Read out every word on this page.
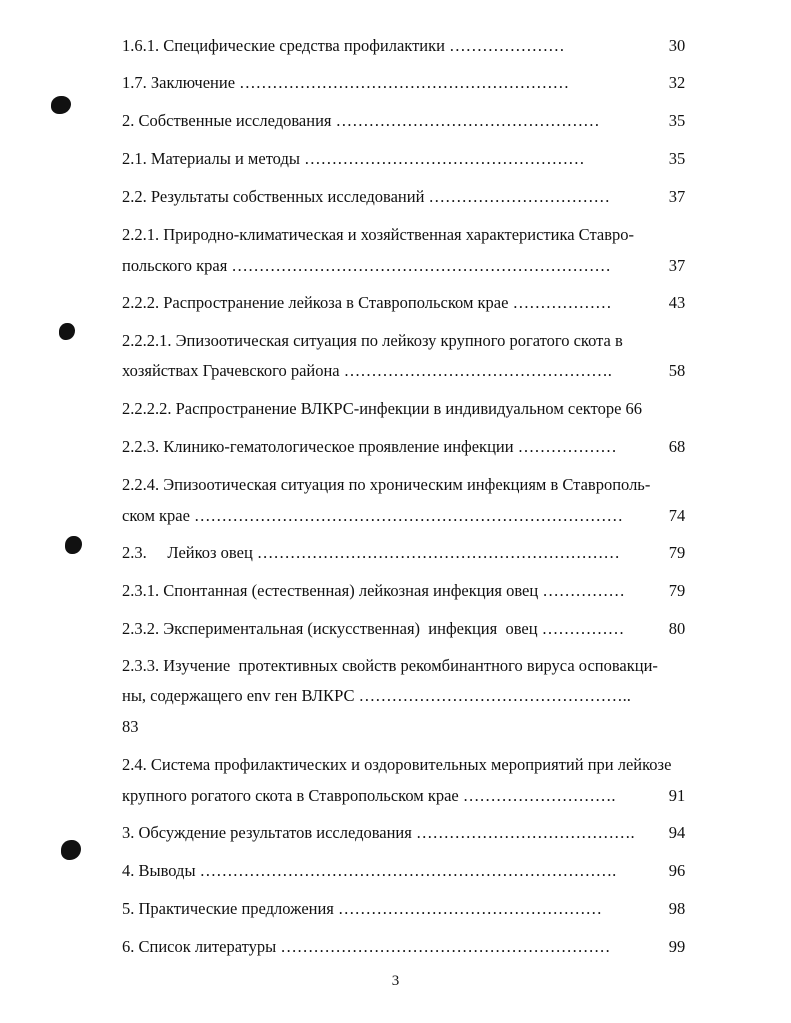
1.6.1. Специфические средства профилактики …………………	30
1.7. Заключение ……………………………………………………	32
2. Собственные исследования …………………………………………	35
2.1. Материалы и методы ……………………………………………	35
2.2. Результаты собственных исследований ……………………………	37
2.2.1. Природно-климатическая и хозяйственная характеристика Ставро-
польского края ……………………………………………………………	37
2.2.2. Распространение лейкоза в Ставропольском крае ………………	43
2.2.2.1. Эпизоотическая ситуация по лейкозу крупного рогатого скота в
хозяйствах Грачевского района ………………………………………….	58
2.2.2.2. Распространение ВЛКРС-инфекции в индивидуальном секторе 66
2.2.3. Клинико-гематологическое проявление инфекции ………………	68
2.2.4. Эпизоотическая ситуация по хроническим инфекциям в Ставрополь-
ском крае ……………………………………………………………………	74
2.3.     Лейкоз овец …………………………………………………………	79
2.3.1. Спонтанная (естественная) лейкозная инфекция овец ……………	79
2.3.2. Экспериментальная (искусственная)  инфекция  овец ……………	80
2.3.3. Изучение  протективных свойств рекомбинантного вируса осповакци-
ны, содержащего env ген ВЛКРС …………………………………………..
83
2.4. Система профилактических и оздоровительных мероприятий при лейкозе
крупного рогатого скота в Ставропольском крае ……………………….	91
3. Обсуждение результатов исследования …………………………………. 94
4. Выводы ………………………………………………………………….	96
5. Практические предложения …………………………………………	98
6. Список литературы ……………………………………………………	99
3
